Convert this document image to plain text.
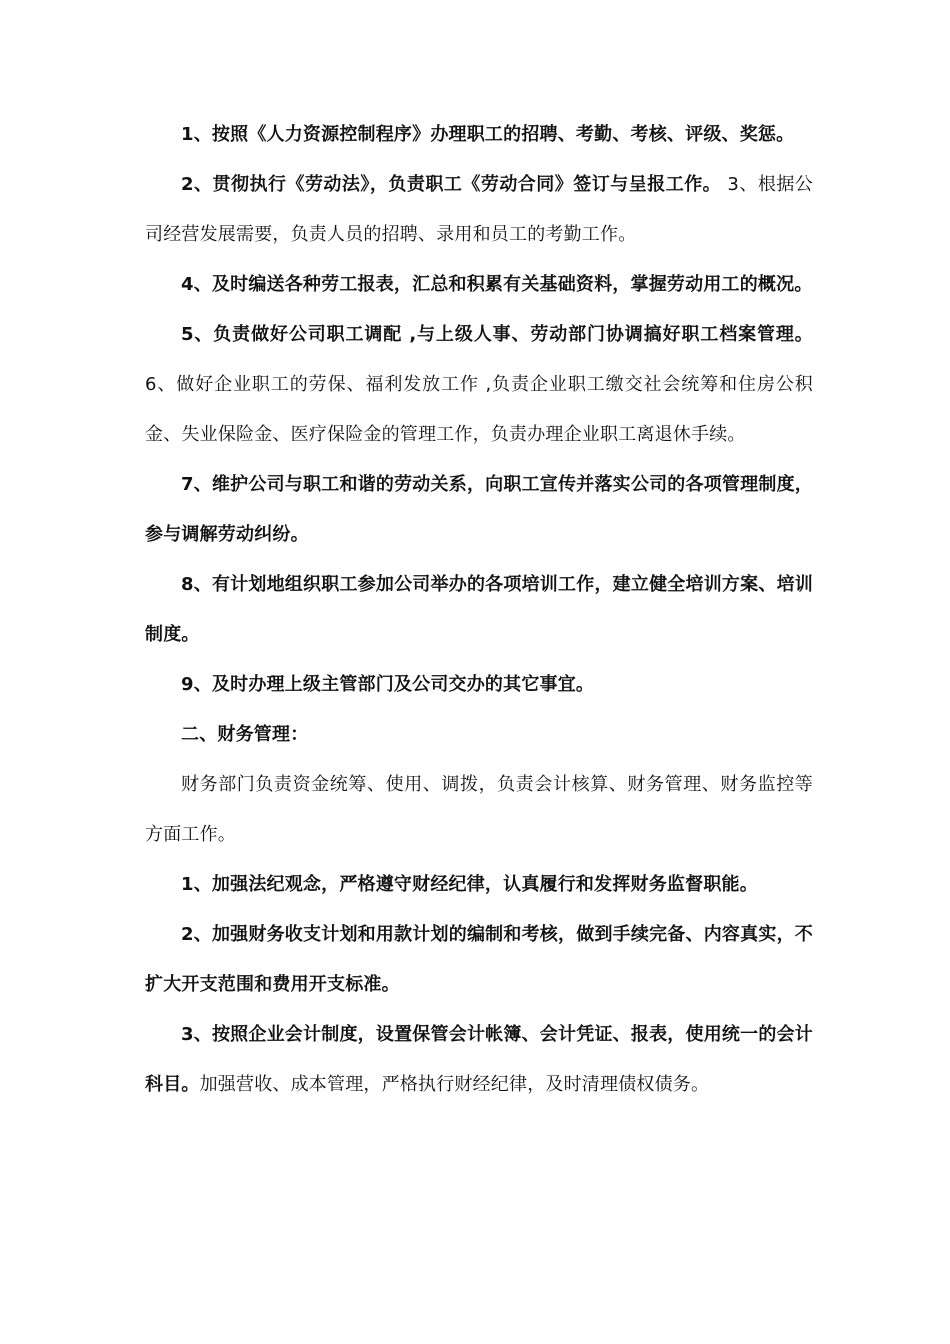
1、按照《人力资源控制程序》办理职工的招聘、考勤、考核、评级、奖惩。

2、贯彻执行《劳动法》，负责职工《劳动合同》签订与呈报工作。 3、根据公司经营发展需要，负责人员的招聘、录用和员工的考勤工作。

4、及时编送各种劳工报表，汇总和积累有关基础资料，掌握劳动用工的概况。

5、负责做好公司职工调配 ,与上级人事、劳动部门协调搞好职工档案管理。6、做好企业职工的劳保、福利发放工作 ,负责企业职工缴交社会统筹和住房公积金、失业保险金、医疗保险金的管理工作，负责办理企业职工离退休手续。

7、维护公司与职工和谐的劳动关系，向职工宣传并落实公司的各项管理制度，参与调解劳动纠纷。

8、有计划地组织职工参加公司举办的各项培训工作，建立健全培训方案、培训制度。

9、及时办理上级主管部门及公司交办的其它事宜。

二、财务管理：

财务部门负责资金统筹、使用、调拨，负责会计核算、财务管理、财务监控等方面工作。

1、加强法纪观念，严格遵守财经纪律，认真履行和发挥财务监督职能。

2、加强财务收支计划和用款计划的编制和考核，做到手续完备、内容真实，不扩大开支范围和费用开支标准。

3、按照企业会计制度，设置保管会计帐簿、会计凭证、报表，使用统一的会计科目。加强营收、成本管理，严格执行财经纪律，及时清理债权债务。
